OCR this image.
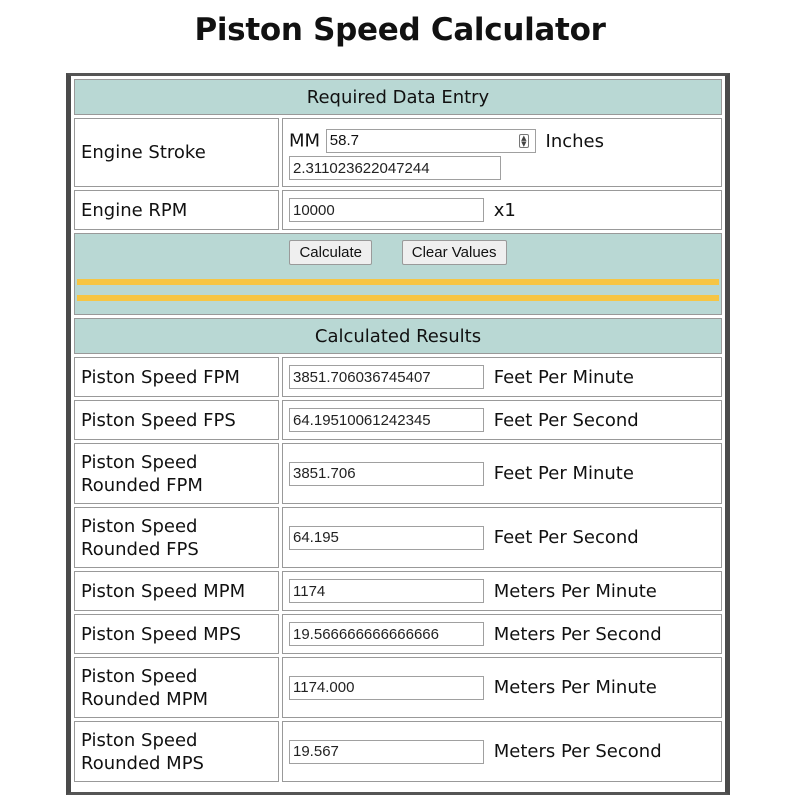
Piston Speed Calculator
Required Data Entry	
Engine Stroke	MM 58.7 ▲
▼ Inches
2.311023622047244

Engine RPM	10000x1
Calculate Clear Values	

Calculated Results	
Piston Speed FPM	3851.706036745407Feet Per Minute
Piston Speed FPS	64.19510061242345Feet Per Second
Piston Speed
Rounded FPM	3851.706 Feet Per Minute
Piston Speed
Rounded FPS	64.195 Feet Per Second
Piston Speed MPM	1174Meters Per Minute
Piston Speed MPS	19.566666666666666Meters Per Second
Piston Speed
Rounded MPM	1174.000 Meters Per Minute
Piston Speed
Rounded MPS	19.567 Meters Per Second
